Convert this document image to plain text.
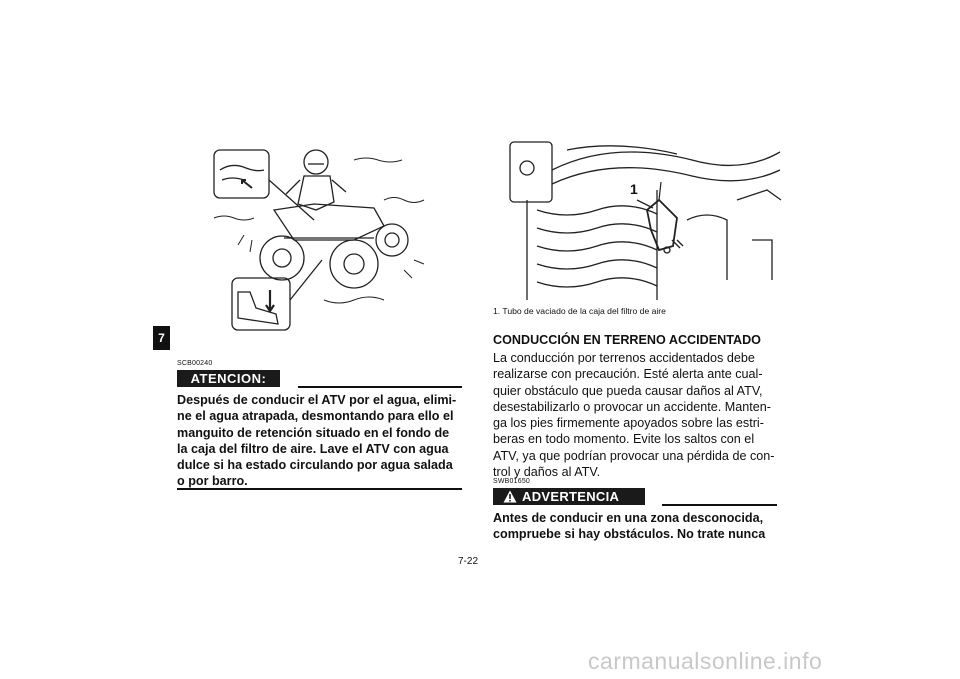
7
SCB00240
ATENCION:
Después de conducir el ATV por el agua, elimi-
ne el agua atrapada, desmontando para ello el
manguito de retención situado en el fondo de
la caja del filtro de aire. Lave el ATV con agua
dulce si ha estado circulando por agua salada
o por barro.
1
1. Tubo de vaciado de la caja del filtro de aire
CONDUCCIÓN EN TERRENO ACCIDENTADO
La conducción por terrenos accidentados debe
realizarse con precaución. Esté alerta ante cual-
quier obstáculo que pueda causar daños al ATV,
desestabilizarlo o provocar un accidente. Manten-
ga los pies firmemente apoyados sobre las estri-
beras en todo momento. Evite los saltos con el
ATV, ya que podrían provocar una pérdida de con-
trol y daños al ATV.
SWB01650
ADVERTENCIA
Antes de conducir en una zona desconocida,
compruebe si hay obstáculos. No trate nunca
7-22
carmanualsonline.info
